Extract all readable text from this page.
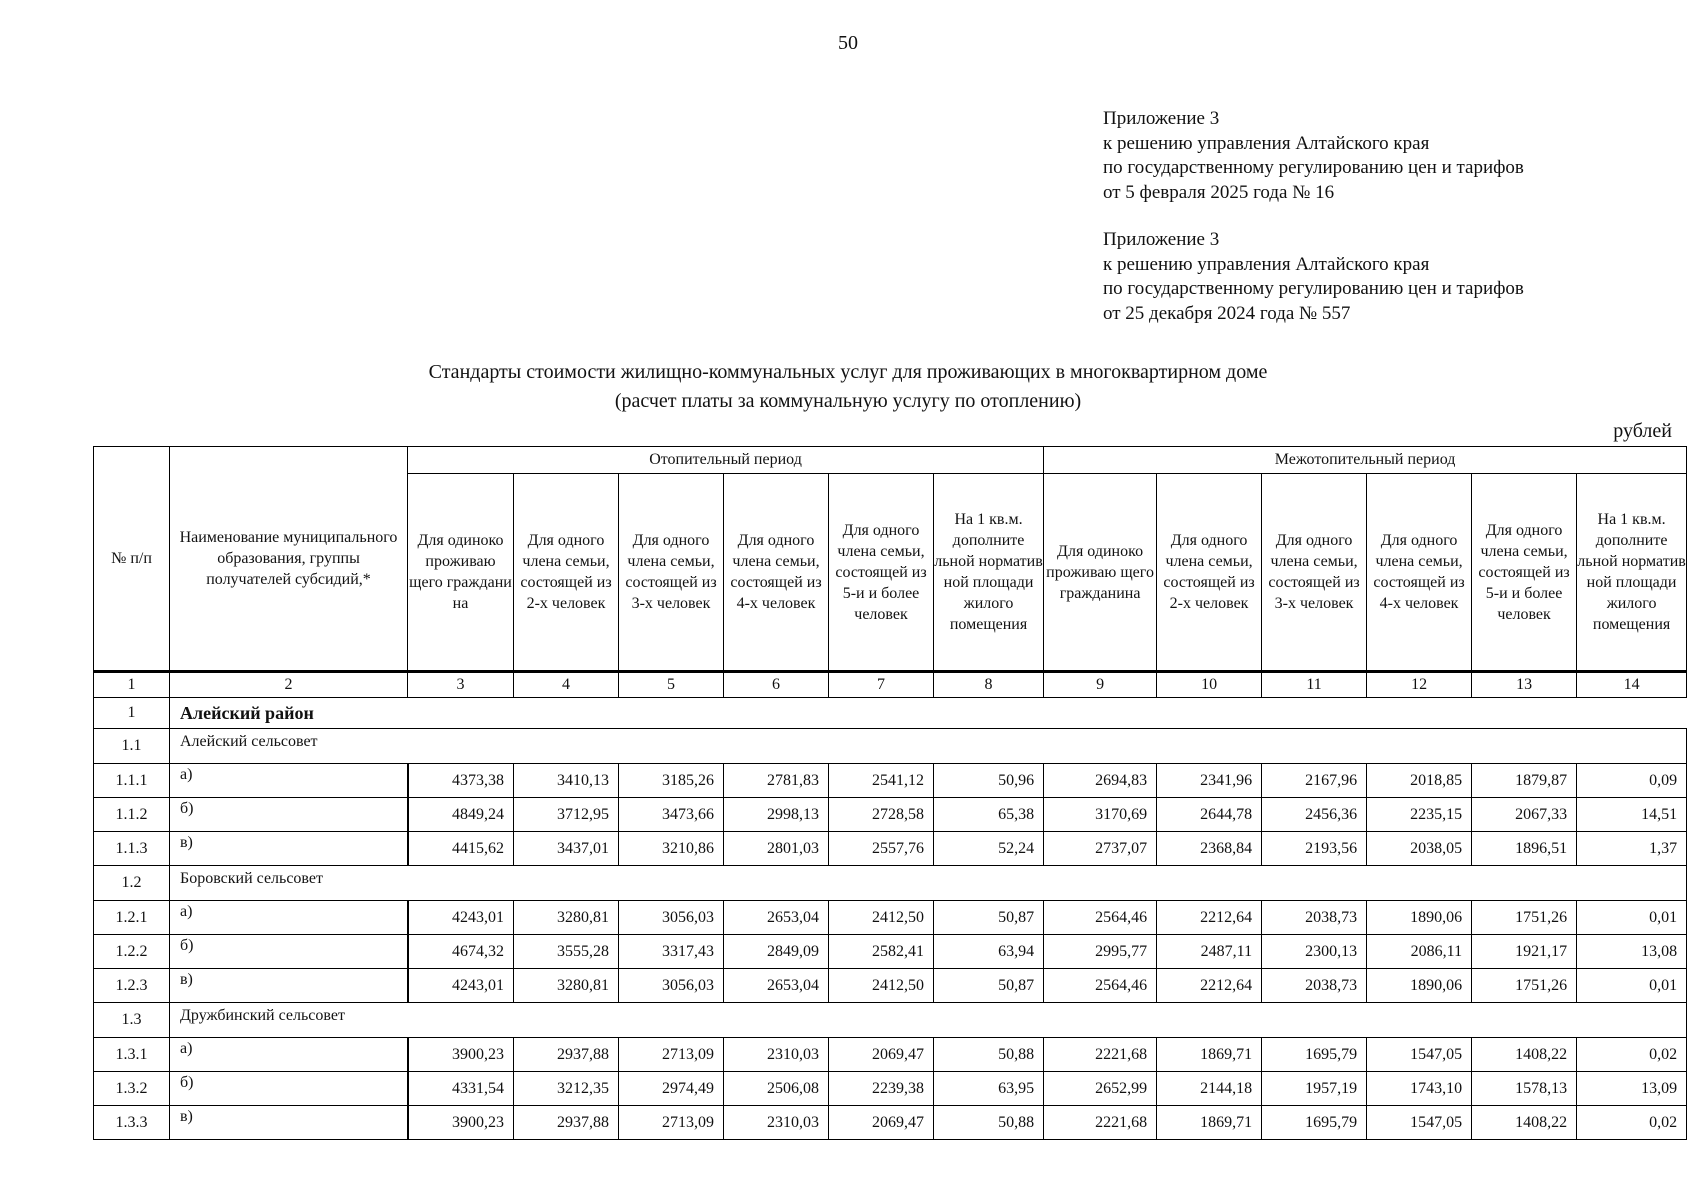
50
Приложение 3
к решению управления Алтайского края
по государственному регулированию цен и тарифов
от 5 февраля 2025 года № 16
Приложение 3
к решению управления Алтайского края
по государственному регулированию цен и тарифов
от 25 декабря 2024 года № 557
Стандарты стоимости жилищно-коммунальных услуг для проживающих в многоквартирном доме
(расчет платы за коммунальную услугу по отоплению)
рублей
№ п/п	Наименование муниципального образования, группы получателей субсидий,*	Отопительный период						Межотопительный период					
		Для одиноко проживаю щего граждани на	Для одного члена семьи, состоящей из 2-х человек	Для одного члена семьи, состоящей из 3-х человек	Для одного члена семьи, состоящей из 4-х человек	Для одного члена семьи, состоящей из 5-и и более человек	На 1 кв.м. дополните льной норматив ной площади жилого помещения	Для одиноко проживаю щего гражданина	Для одного члена семьи, состоящей из 2-х человек	Для одного члена семьи, состоящей из 3-х человек	Для одного члена семьи, состоящей из 4-х человек	Для одного члена семьи, состоящей из 5-и и более человек	На 1 кв.м. дополните льной норматив ной площади жилого помещения
1	2	3	4	5	6	7	8	9	10	11	12	13	14
1	Алейский район												
1.1	Алейский сельсовет												
1.1.1	а)	4373,38	3410,13	3185,26	2781,83	2541,12	50,96	2694,83	2341,96	2167,96	2018,85	1879,87	0,09
1.1.2	б)	4849,24	3712,95	3473,66	2998,13	2728,58	65,38	3170,69	2644,78	2456,36	2235,15	2067,33	14,51
1.1.3	в)	4415,62	3437,01	3210,86	2801,03	2557,76	52,24	2737,07	2368,84	2193,56	2038,05	1896,51	1,37
1.2	Боровский сельсовет												
1.2.1	а)	4243,01	3280,81	3056,03	2653,04	2412,50	50,87	2564,46	2212,64	2038,73	1890,06	1751,26	0,01
1.2.2	б)	4674,32	3555,28	3317,43	2849,09	2582,41	63,94	2995,77	2487,11	2300,13	2086,11	1921,17	13,08
1.2.3	в)	4243,01	3280,81	3056,03	2653,04	2412,50	50,87	2564,46	2212,64	2038,73	1890,06	1751,26	0,01
1.3	Дружбинский сельсовет												
1.3.1	а)	3900,23	2937,88	2713,09	2310,03	2069,47	50,88	2221,68	1869,71	1695,79	1547,05	1408,22	0,02
1.3.2	б)	4331,54	3212,35	2974,49	2506,08	2239,38	63,95	2652,99	2144,18	1957,19	1743,10	1578,13	13,09
1.3.3	в)	3900,23	2937,88	2713,09	2310,03	2069,47	50,88	2221,68	1869,71	1695,79	1547,05	1408,22	0,02
